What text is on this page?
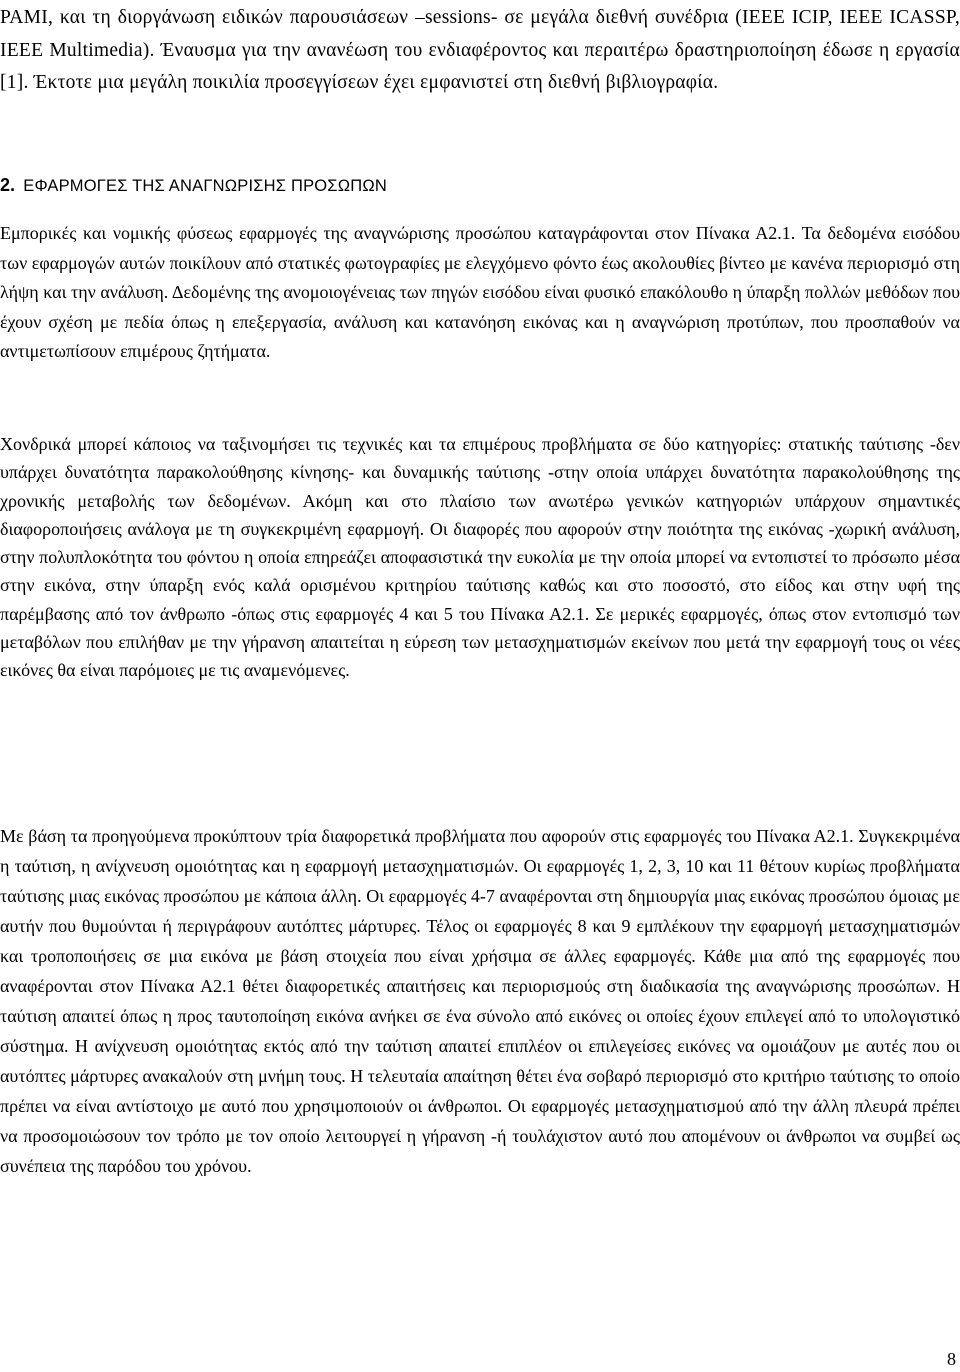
PAMI, και τη διοργάνωση ειδικών παρουσιάσεων –sessions- σε μεγάλα διεθνή συνέδρια (IEEE ICIP, IEEE ICASSP, IEEE Multimedia). Έναυσμα για την ανανέωση του ενδιαφέροντος και περαιτέρω δραστηριοποίηση έδωσε η εργασία [1]. Έκτοτε μια μεγάλη ποικιλία προσεγγίσεων έχει εμφανιστεί στη διεθνή βιβλιογραφία.

2. ΕΦΑΡΜΟΓΕΣ ΤΗΣ ΑΝΑΓΝΩΡΙΣΗΣ ΠΡΟΣΩΠΩΝ

Εμπορικές και νομικής φύσεως εφαρμογές της αναγνώρισης προσώπου καταγράφονται στον Πίνακα Α2.1. Τα δεδομένα εισόδου των εφαρμογών αυτών ποικίλουν από στατικές φωτογραφίες με ελεγχόμενο φόντο έως ακολουθίες βίντεο με κανένα περιορισμό στη λήψη και την ανάλυση. Δεδομένης της ανομοιογένειας των πηγών εισόδου είναι φυσικό επακόλουθο η ύπαρξη πολλών μεθόδων που έχουν σχέση με πεδία όπως η επεξεργασία, ανάλυση και κατανόηση εικόνας και η αναγνώριση προτύπων, που προσπαθούν να αντιμετωπίσουν επιμέρους ζητήματα.

Χονδρικά μπορεί κάποιος να ταξινομήσει τις τεχνικές και τα επιμέρους προβλήματα σε δύο κατηγορίες: στατικής ταύτισης -δεν υπάρχει δυνατότητα παρακολούθησης κίνησης- και δυναμικής ταύτισης -στην οποία υπάρχει δυνατότητα παρακολούθησης της χρονικής μεταβολής των δεδομένων. Ακόμη και στο πλαίσιο των ανωτέρω γενικών κατηγοριών υπάρχουν σημαντικές διαφοροποιήσεις ανάλογα με τη συγκεκριμένη εφαρμογή. Οι διαφορές που αφορούν στην ποιότητα της εικόνας -χωρική ανάλυση, στην πολυπλοκότητα του φόντου η οποία επηρεάζει αποφασιστικά την ευκολία με την οποία μπορεί να εντοπιστεί το πρόσωπο μέσα στην εικόνα, στην ύπαρξη ενός καλά ορισμένου κριτηρίου ταύτισης καθώς και στο ποσοστό, στο είδος και στην υφή της παρέμβασης από τον άνθρωπο -όπως στις εφαρμογές 4 και 5 του Πίνακα Α2.1. Σε μερικές εφαρμογές, όπως στον εντοπισμό των μεταβόλων που επιλήθαν με την γήρανση απαιτείται η εύρεση των μετασχηματισμών εκείνων που μετά την εφαρμογή τους οι νέες εικόνες θα είναι παρόμοιες με τις αναμενόμενες.

Με βάση τα προηγούμενα προκύπτουν τρία διαφορετικά προβλήματα που αφορούν στις εφαρμογές του Πίνακα Α2.1. Συγκεκριμένα η ταύτιση, η ανίχνευση ομοιότητας και η εφαρμογή μετασχηματισμών. Οι εφαρμογές 1, 2, 3, 10 και 11 θέτουν κυρίως προβλήματα ταύτισης μιας εικόνας προσώπου με κάποια άλλη. Οι εφαρμογές 4-7 αναφέρονται στη δημιουργία μιας εικόνας προσώπου όμοιας με αυτήν που θυμούνται ή περιγράφουν αυτόπτες μάρτυρες. Τέλος οι εφαρμογές 8 και 9 εμπλέκουν την εφαρμογή μετασχηματισμών και τροποποιήσεις σε μια εικόνα με βάση στοιχεία που είναι χρήσιμα σε άλλες εφαρμογές. Κάθε μια από της εφαρμογές που αναφέρονται στον Πίνακα Α2.1 θέτει διαφορετικές απαιτήσεις και περιορισμούς στη διαδικασία της αναγνώρισης προσώπων. Η ταύτιση απαιτεί όπως η προς ταυτοποίηση εικόνα ανήκει σε ένα σύνολο από εικόνες οι οποίες έχουν επιλεγεί από το υπολογιστικό σύστημα. Η ανίχνευση ομοιότητας εκτός από την ταύτιση απαιτεί επιπλέον οι επιλεγείσες εικόνες να ομοιάζουν με αυτές που οι αυτόπτες μάρτυρες ανακαλούν στη μνήμη τους. Η τελευταία απαίτηση θέτει ένα σοβαρό περιορισμό στο κριτήριο ταύτισης το οποίο πρέπει να είναι αντίστοιχο με αυτό που χρησιμοποιούν οι άνθρωποι. Οι εφαρμογές μετασχηματισμού από την άλλη πλευρά πρέπει να προσομοιώσουν τον τρόπο με τον οποίο λειτουργεί η γήρανση -ή τουλάχιστον αυτό που απομένουν οι άνθρωποι να συμβεί ως συνέπεια της παρόδου του χρόνου.

8
